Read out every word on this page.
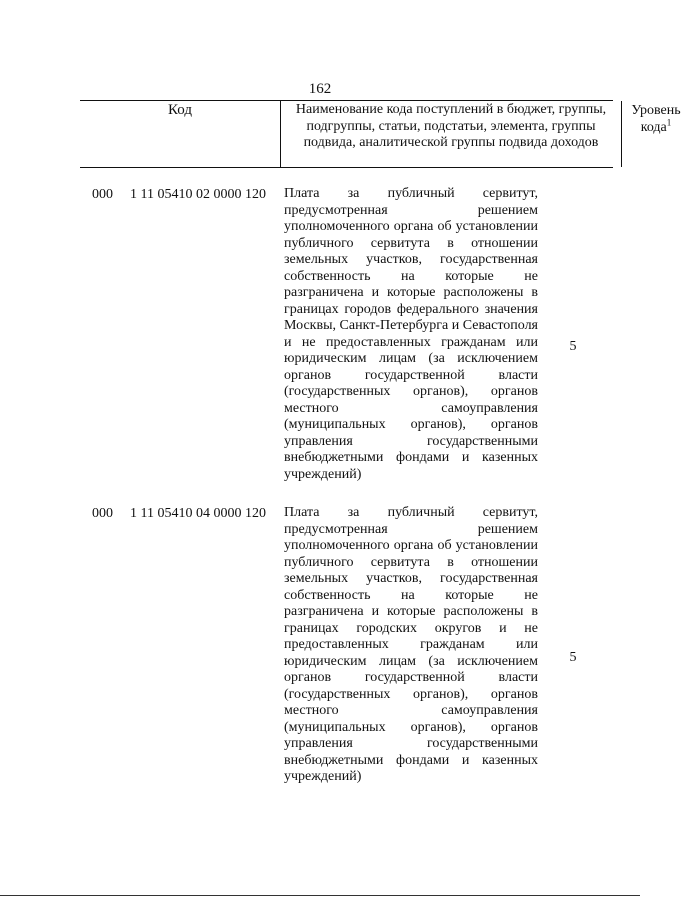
162
Код	Наименование кода поступлений в бюджет, группы, подгруппы, статьи, подстатьи, элемента, группы подвида, аналитической группы подвида доходов
Уровень кода$^1$
000 1 11 05410 02 0000 120 Плата за публичный сервитут, предусмотренная решением уполномоченного органа об установлении публичного сервитута в отношении земельных участков, государственная собственность на которые не разграничена и которые расположены в границах городов федерального значения Москвы, Санкт-Петербурга и Севастополя и не предоставленных гражданам или юридическим лицам (за исключением органов государственной власти (государственных органов), органов местного самоуправления (муниципальных органов), органов управления государственными внебюджетными фондами и казенных учреждений)
5
000 1 11 05410 04 0000 120 Плата за публичный сервитут, предусмотренная решением уполномоченного органа об установлении публичного сервитута в отношении земельных участков, государственная собственность на которые не разграничена и которые расположены в границах городских округов и не предоставленных гражданам или юридическим лицам (за исключением органов государственной власти (государственных органов), органов местного самоуправления (муниципальных органов), органов управления государственными внебюджетными фондами и казенных учреждений)
5
